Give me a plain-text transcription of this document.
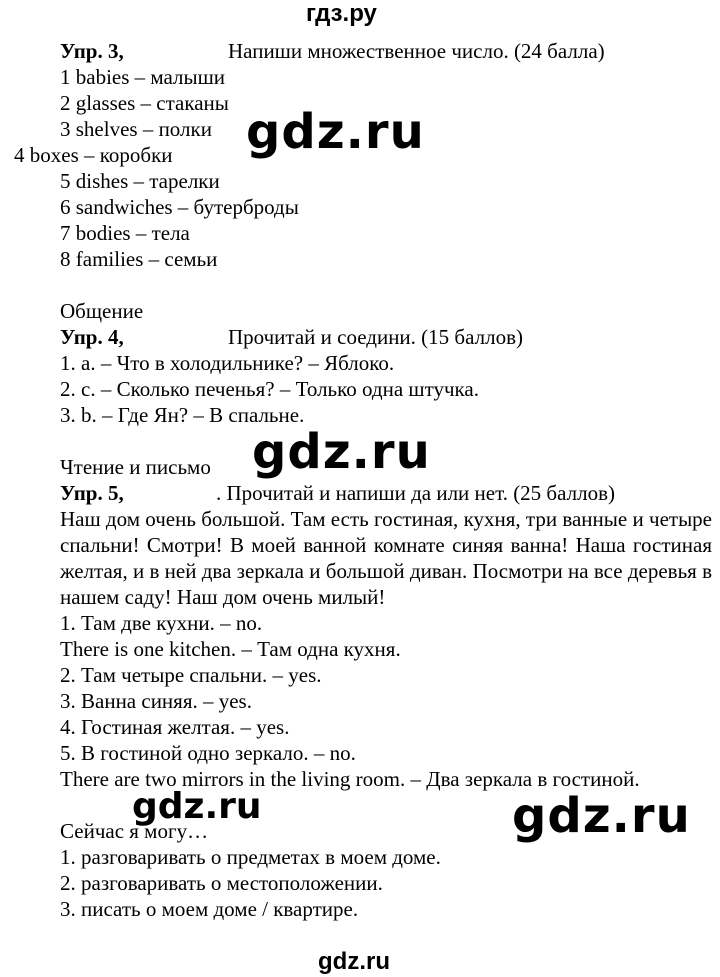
гдз.ру
Упр. 3,	Напиши множественное число. (24 балла)
1 babies – малыши
2 glasses – стаканы
3 shelves – полки
4 boxes – коробки
5 dishes – тарелки
6 sandwiches – бутерброды
7 bodies – тела
8 families – семьи
gdz.ru
Общение
Упр. 4,	Прочитай и соедини. (15 баллов)
1. a. – Что в холодильнике? – Яблоко.
2. c. – Сколько печенья? – Только одна штучка.
3. b. – Где Ян? – В спальне.
gdz.ru
Чтение и письмо
Упр. 5,	. Прочитай и напиши да или нет. (25 баллов)
Наш дом очень большой. Там есть гостиная, кухня, три ванные и четыре спальни! Смотри! В моей ванной комнате синяя ванна! Наша гостиная желтая, и в ней два зеркала и большой диван. Посмотри на все деревья в нашем саду! Наш дом очень милый!
1. Там две кухни. – no.
There is one kitchen. – Там одна кухня.
2. Там четыре спальни. – yes.
3. Ванна синяя. – yes.
4. Гостиная желтая. – yes.
5. В гостиной одно зеркало. – no.
There are two mirrors in the living room. – Два зеркала в гостиной.
Сейчас я могу…
1. разговаривать о предметах в моем доме.
2. разговаривать о местоположении.
3. писать о моем доме / квартире.
gdz.ru	gdz.ru
gdz.ru
